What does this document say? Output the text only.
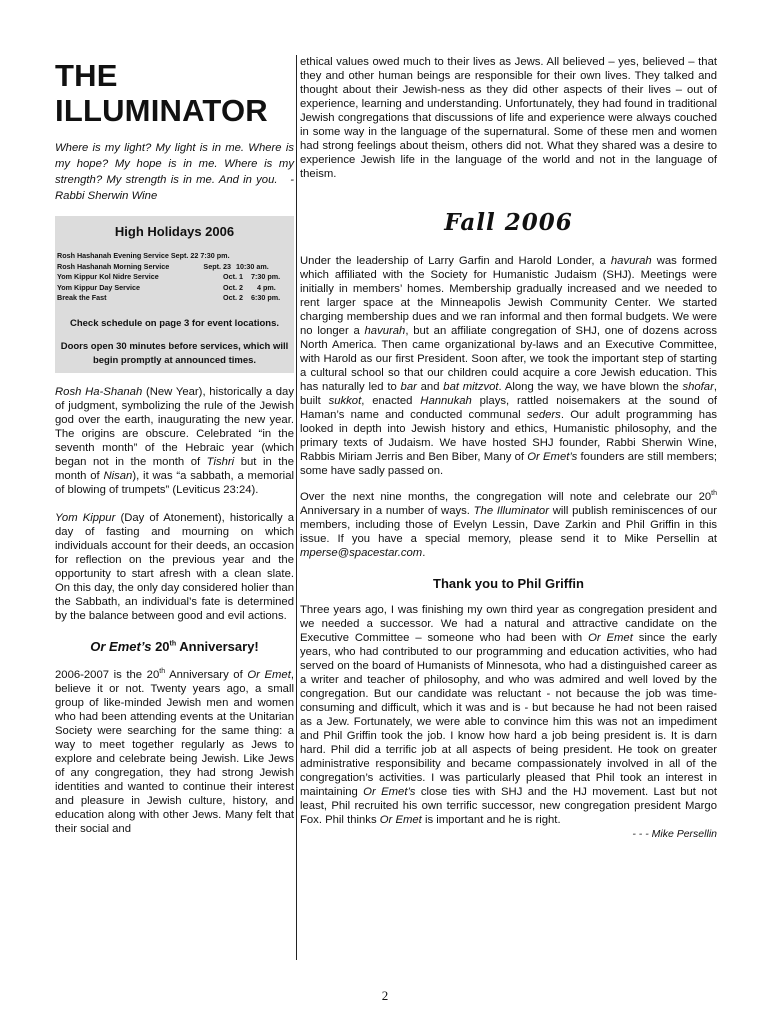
THE
ILLUMINATOR
Where is my light? My light is in me. Where is my hope? My hope is in me. Where is my strength? My strength is in me. And in you. - Rabbi Sherwin Wine
High Holidays 2006
Rosh Hashanah Evening Service Sept. 22 7:30 pm.
Rosh Hashanah Morning Service	Sept. 23 10:30 am.
Yom Kippur Kol Nidre Service	Oct. 1	7:30 pm.
Yom Kippur Day Service	Oct. 2	4 pm.
Break the Fast	Oct. 2	6:30 pm.
Check schedule on page 3 for event locations.
Doors open 30 minutes before services, which will begin promptly at announced times.

Rosh Ha-Shanah (New Year), historically a day of judgment, symbolizing the rule of the Jewish god over the earth, inaugurating the new year. The origins are obscure. Celebrated “in the seventh month” of the Hebraic year (which began not in the month of Tishri but in the month of Nisan), it was “a sabbath, a memorial of blowing of trumpets” (Leviticus 23:24).

Yom Kippur (Day of Atonement), historically a day of fasting and mourning on which individuals account for their deeds, an occasion for reflection on the previous year and the opportunity to start afresh with a clean slate. On this day, the only day considered holier than the Sabbath, an individual’s fate is determined by the balance between good and evil actions.

Or Emet’s 20th Anniversary!

2006-2007 is the 20th Anniversary of Or Emet, believe it or not. Twenty years ago, a small group of like-minded Jewish men and women who had been attending events at the Unitarian Society were searching for the same thing: a way to meet together regularly as Jews to explore and celebrate being Jewish. Like Jews of any congregation, they had strong Jewish identities and wanted to continue their interest and pleasure in Jewish culture, history, and education along with other Jews. Many felt that their social and

ethical values owed much to their lives as Jews. All believed – yes, believed – that they and other human beings are responsible for their own lives. They talked and thought about their Jewish-ness as they did other aspects of their lives – out of experience, learning and understanding. Unfortunately, they had found in traditional Jewish congregations that discussions of life and experience were always couched in some way in the language of the supernatural. Some of these men and women had strong feelings about theism, others did not. What they shared was a desire to experience Jewish life in the language of the world and not in the language of theism.

Fall 2006

Under the leadership of Larry Garfin and Harold Londer, a havurah was formed which affiliated with the Society for Humanistic Judaism (SHJ). Meetings were initially in members’ homes. Membership gradually increased and we needed to rent larger space at the Minneapolis Jewish Community Center. We started charging membership dues and we ran informal and then formal budgets. We were no longer a havurah, but an affiliate congregation of SHJ, one of dozens across North America. Then came organizational by-laws and an Executive Committee, with Harold as our first President. Soon after, we took the important step of starting a cultural school so that our children could acquire a core Jewish education. This has naturally led to bar and bat mitzvot. Along the way, we have blown the shofar, built sukkot, enacted Hannukah plays, rattled noisemakers at the sound of Haman’s name and conducted communal seders. Our adult programming has looked in depth into Jewish history and ethics, Humanistic philosophy, and the primary texts of Judaism. We have hosted SHJ founder, Rabbi Sherwin Wine, Rabbis Miriam Jerris and Ben Biber, Many of Or Emet’s founders are still members; some have sadly passed on.

Over the next nine months, the congregation will note and celebrate our 20th Anniversary in a number of ways. The Illuminator will publish reminiscences of our members, including those of Evelyn Lessin, Dave Zarkin and Phil Griffin in this issue. If you have a special memory, please send it to Mike Persellin at mperse@spacestar.com.

Thank you to Phil Griffin

Three years ago, I was finishing my own third year as congregation president and we needed a successor. We had a natural and attractive candidate on the Executive Committee – someone who had been with Or Emet since the early years, who had contributed to our programming and education activities, who had served on the board of Humanists of Minnesota, who had a distinguished career as a writer and teacher of philosophy, and who was admired and well loved by the congregation. But our candidate was reluctant - not because the job was time-consuming and difficult, which it was and is - but because he had not been raised as a Jew. Fortunately, we were able to convince him this was not an impediment and Phil Griffin took the job. I know how hard a job being president is. It is darn hard. Phil did a terrific job at all aspects of being president. He took on greater administrative responsibility and became compassionately involved in all of the congregation’s activities. I was particularly pleased that Phil took an interest in maintaining Or Emet’s close ties with SHJ and the HJ movement. Last but not least, Phil recruited his own terrific successor, new congregation president Margo Fox. Phil thinks Or Emet is important and he is right.

- - - Mike Persellin
2
